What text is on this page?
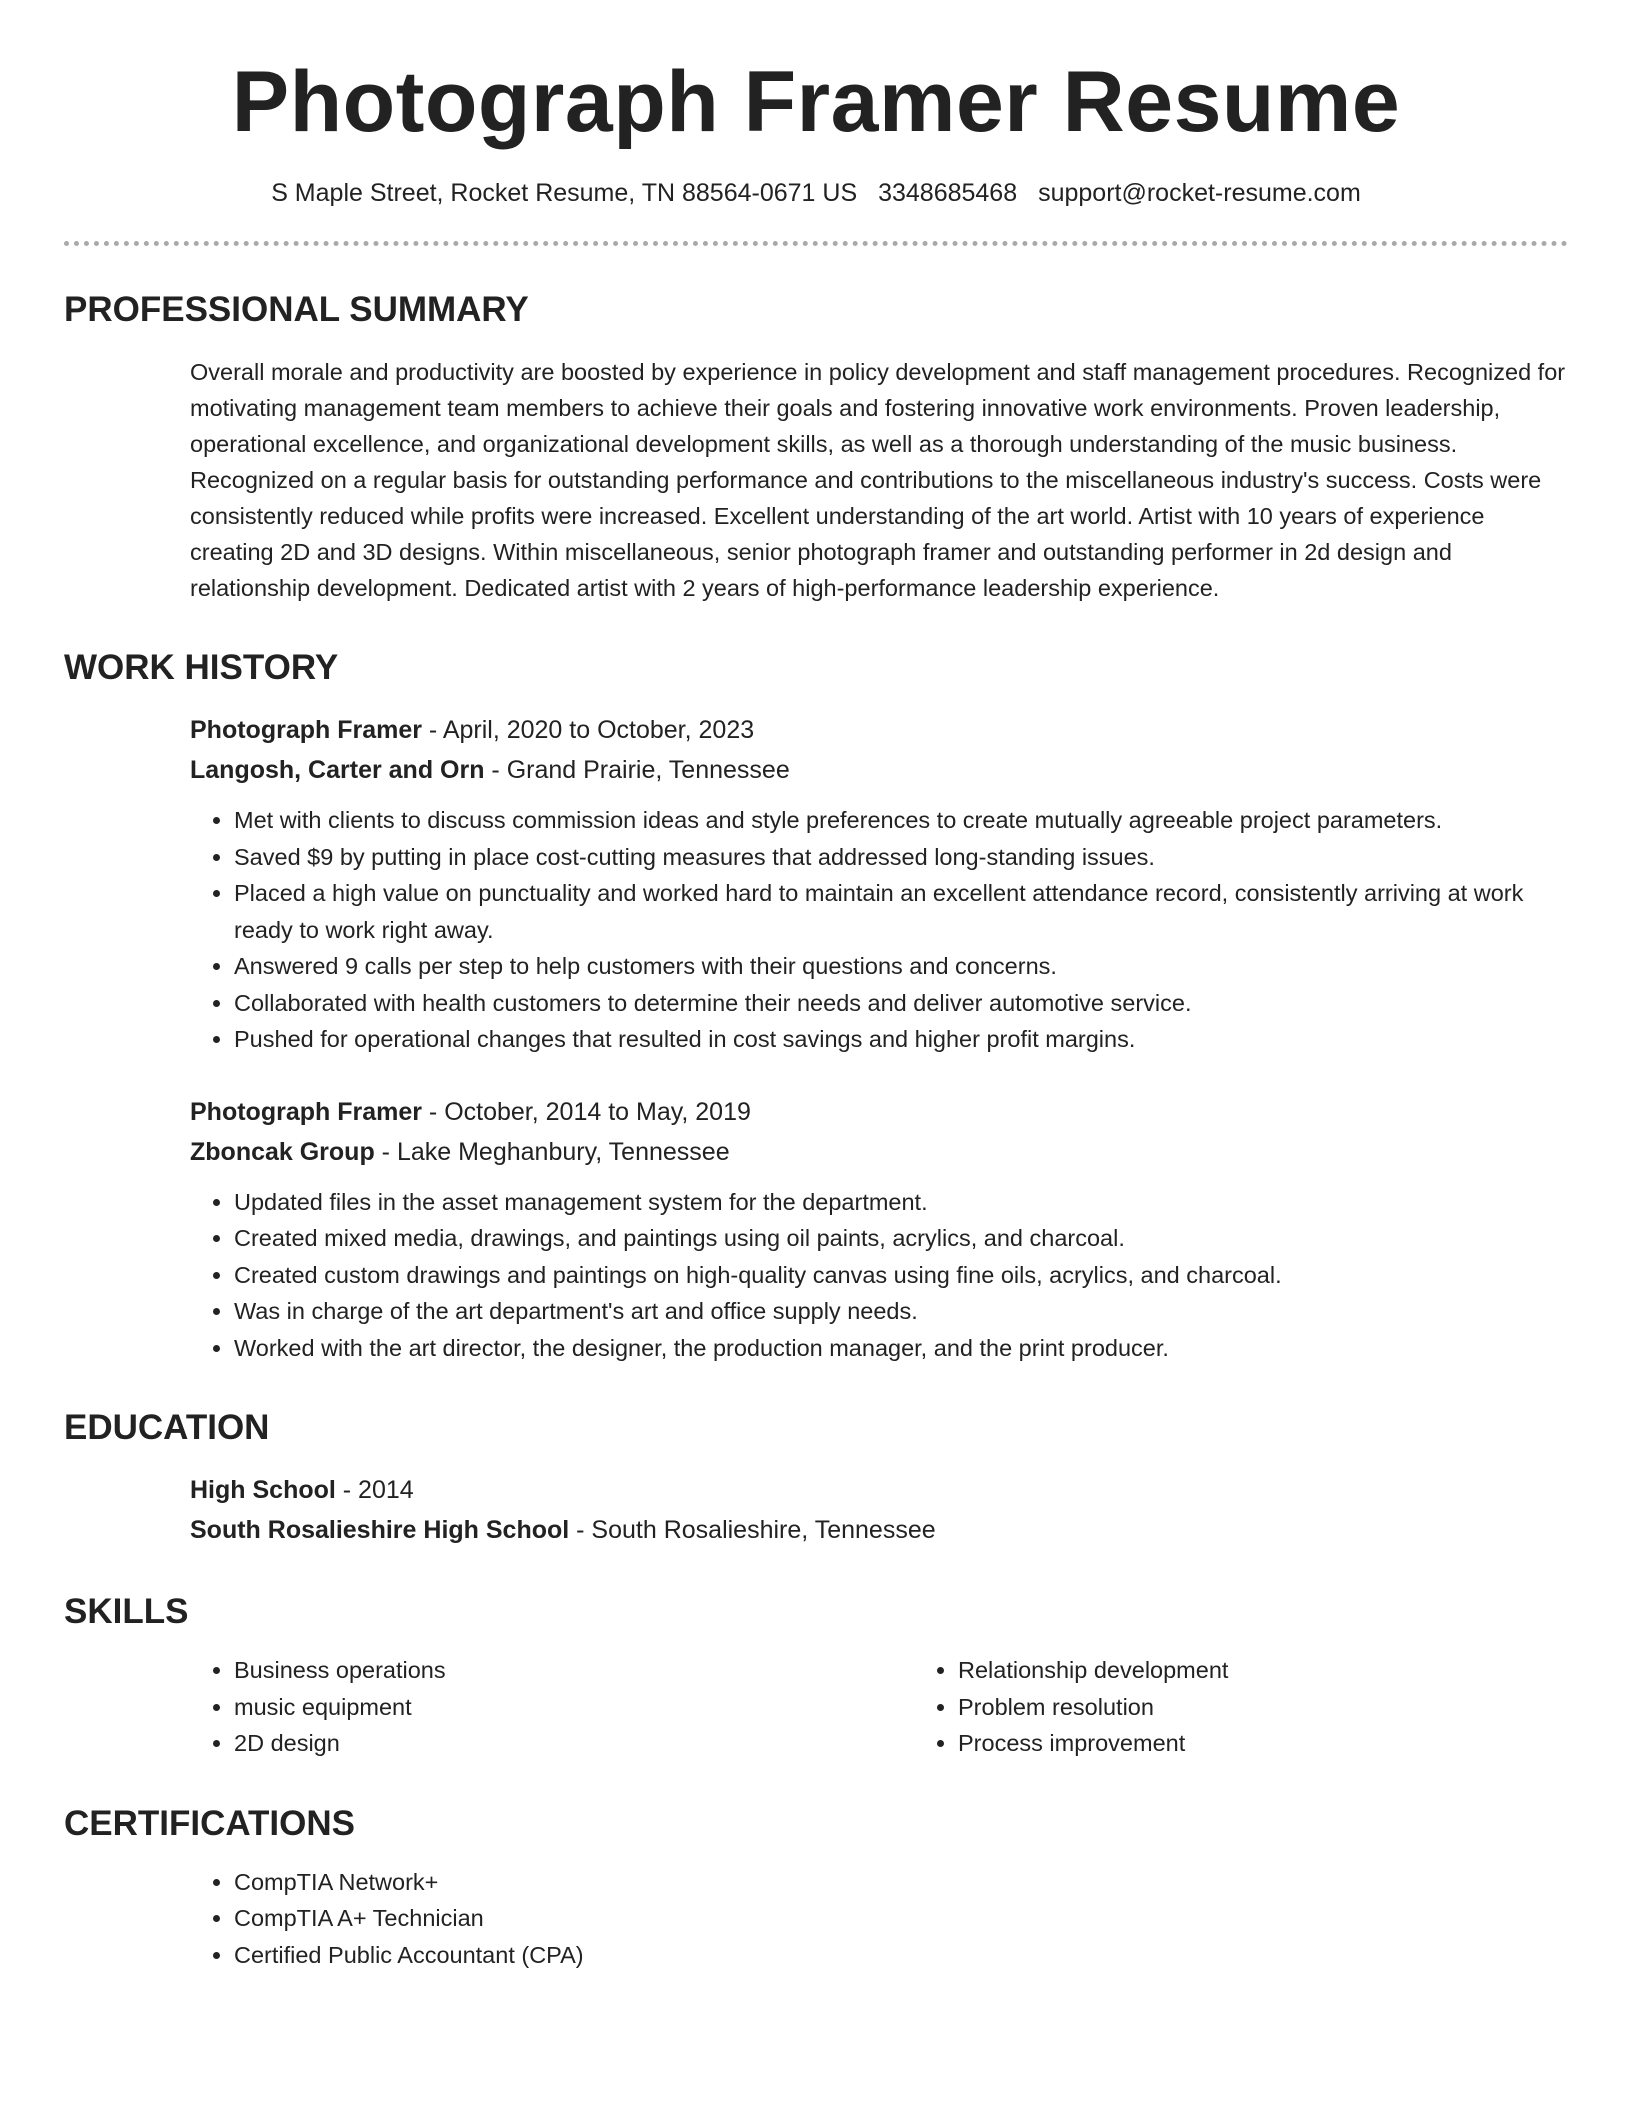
Photograph Framer Resume
S Maple Street, Rocket Resume, TN 88564-0671 US 3348685468 support@rocket-resume.com
PROFESSIONAL SUMMARY
Overall morale and productivity are boosted by experience in policy development and staff management procedures. Recognized for motivating management team members to achieve their goals and fostering innovative work environments. Proven leadership, operational excellence, and organizational development skills, as well as a thorough understanding of the music business. Recognized on a regular basis for outstanding performance and contributions to the miscellaneous industry's success. Costs were consistently reduced while profits were increased. Excellent understanding of the art world. Artist with 10 years of experience creating 2D and 3D designs. Within miscellaneous, senior photograph framer and outstanding performer in 2d design and relationship development. Dedicated artist with 2 years of high-performance leadership experience.
WORK HISTORY
Photograph Framer - April, 2020 to October, 2023
Langosh, Carter and Orn - Grand Prairie, Tennessee
• Met with clients to discuss commission ideas and style preferences to create mutually agreeable project parameters.
• Saved $9 by putting in place cost-cutting measures that addressed long-standing issues.
• Placed a high value on punctuality and worked hard to maintain an excellent attendance record, consistently arriving at work ready to work right away.
• Answered 9 calls per step to help customers with their questions and concerns.
• Collaborated with health customers to determine their needs and deliver automotive service.
• Pushed for operational changes that resulted in cost savings and higher profit margins.
Photograph Framer - October, 2014 to May, 2019
Zboncak Group - Lake Meghanbury, Tennessee
• Updated files in the asset management system for the department.
• Created mixed media, drawings, and paintings using oil paints, acrylics, and charcoal.
• Created custom drawings and paintings on high-quality canvas using fine oils, acrylics, and charcoal.
• Was in charge of the art department's art and office supply needs.
• Worked with the art director, the designer, the production manager, and the print producer.
EDUCATION
High School - 2014
South Rosalieshire High School - South Rosalieshire, Tennessee
SKILLS
• Business operations
• music equipment
• 2D design
• Relationship development
• Problem resolution
• Process improvement
CERTIFICATIONS
• CompTIA Network+
• CompTIA A+ Technician
• Certified Public Accountant (CPA)
